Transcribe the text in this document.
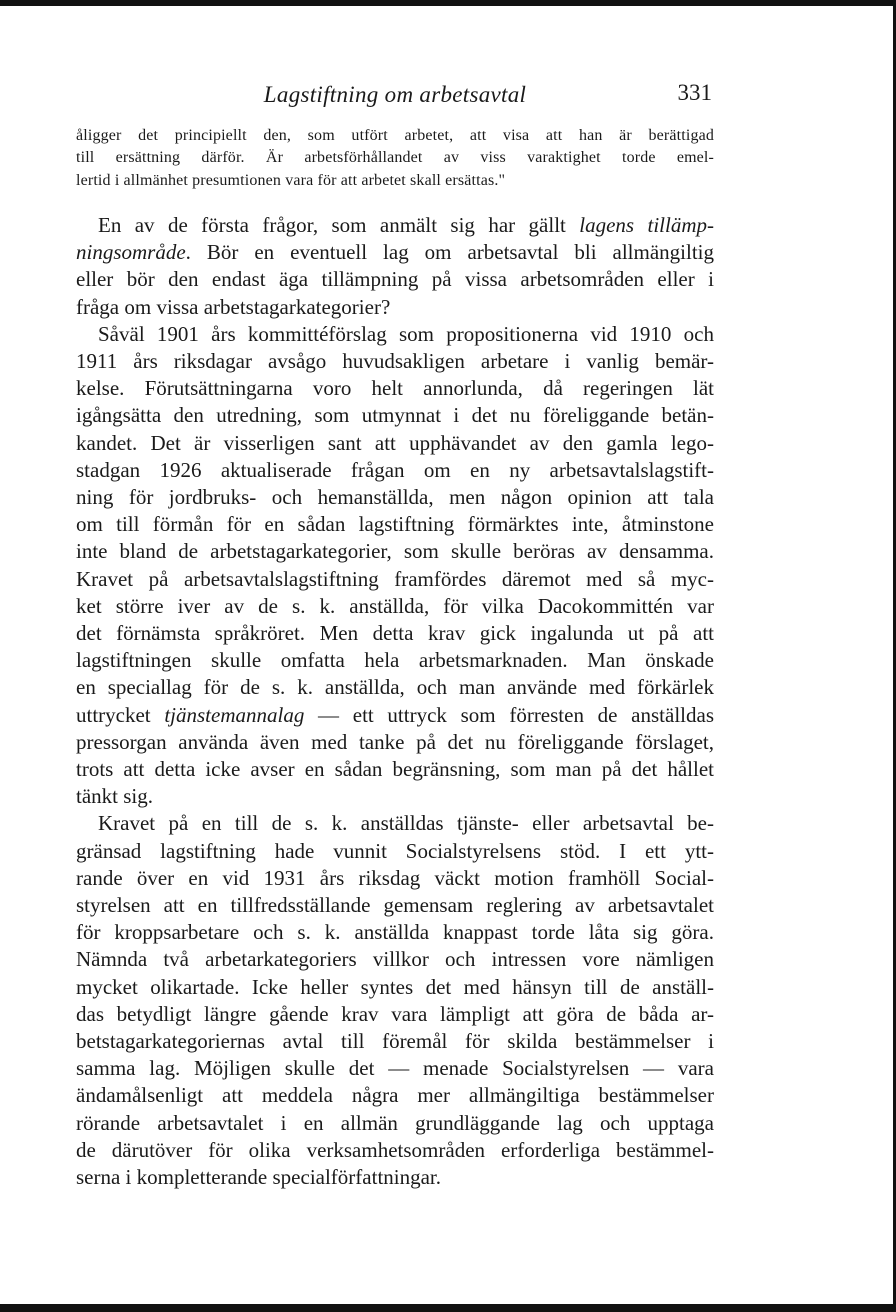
Lagstiftning om arbetsavtal	331
åligger det principiellt den, som utfört arbetet, att visa att han är berättigad
till ersättning därför. Är arbetsförhållandet av viss varaktighet torde emel-
lertid i allmänhet presumtionen vara för att arbetet skall ersättas."

En av de första frågor, som anmält sig har gällt lagens tillämp-
ningsområde. Bör en eventuell lag om arbetsavtal bli allmängiltig
eller bör den endast äga tillämpning på vissa arbetsområden eller i
fråga om vissa arbetstagarkategorier?

Såväl 1901 års kommittéförslag som propositionerna vid 1910 och
1911 års riksdagar avsågo huvudsakligen arbetare i vanlig bemär-
kelse. Förutsättningarna voro helt annorlunda, då regeringen lät
igångsätta den utredning, som utmynnat i det nu föreliggande betän-
kandet. Det är visserligen sant att upphävandet av den gamla lego-
stadgan 1926 aktualiserade frågan om en ny arbetsavtalslagstift-
ning för jordbruks- och hemanställda, men någon opinion att tala
om till förmån för en sådan lagstiftning förmärktes inte, åtminstone
inte bland de arbetstagarkategorier, som skulle beröras av densamma.
Kravet på arbetsavtalslagstiftning framfördes däremot med så myc-
ket större iver av de s. k. anställda, för vilka Dacokommittén var
det förnämsta språkröret. Men detta krav gick ingalunda ut på att
lagstiftningen skulle omfatta hela arbetsmarknaden. Man önskade
en speciallag för de s. k. anställda, och man använde med förkärlek
uttrycket tjänstemannalag — ett uttryck som förresten de anställdas
pressorgan använda även med tanke på det nu föreliggande förslaget,
trots att detta icke avser en sådan begränsning, som man på det hållet
tänkt sig.

Kravet på en till de s. k. anställdas tjänste- eller arbetsavtal be-
gränsad lagstiftning hade vunnit Socialstyrelsens stöd. I ett ytt-
rande över en vid 1931 års riksdag väckt motion framhöll Social-
styrelsen att en tillfredsställande gemensam reglering av arbetsavtalet
för kroppsarbetare och s. k. anställda knappast torde låta sig göra.
Nämnda två arbetarkategoriers villkor och intressen vore nämligen
mycket olikartade. Icke heller syntes det med hänsyn till de anställ-
das betydligt längre gående krav vara lämpligt att göra de båda ar-
betstagarkategoriernas avtal till föremål för skilda bestämmelser i
samma lag. Möjligen skulle det — menade Socialstyrelsen — vara
ändamålsenligt att meddela några mer allmängiltiga bestämmelser
rörande arbetsavtalet i en allmän grundläggande lag och upptaga
de därutöver för olika verksamhetsområden erforderliga bestämmel-
serna i kompletterande specialförfattningar.
